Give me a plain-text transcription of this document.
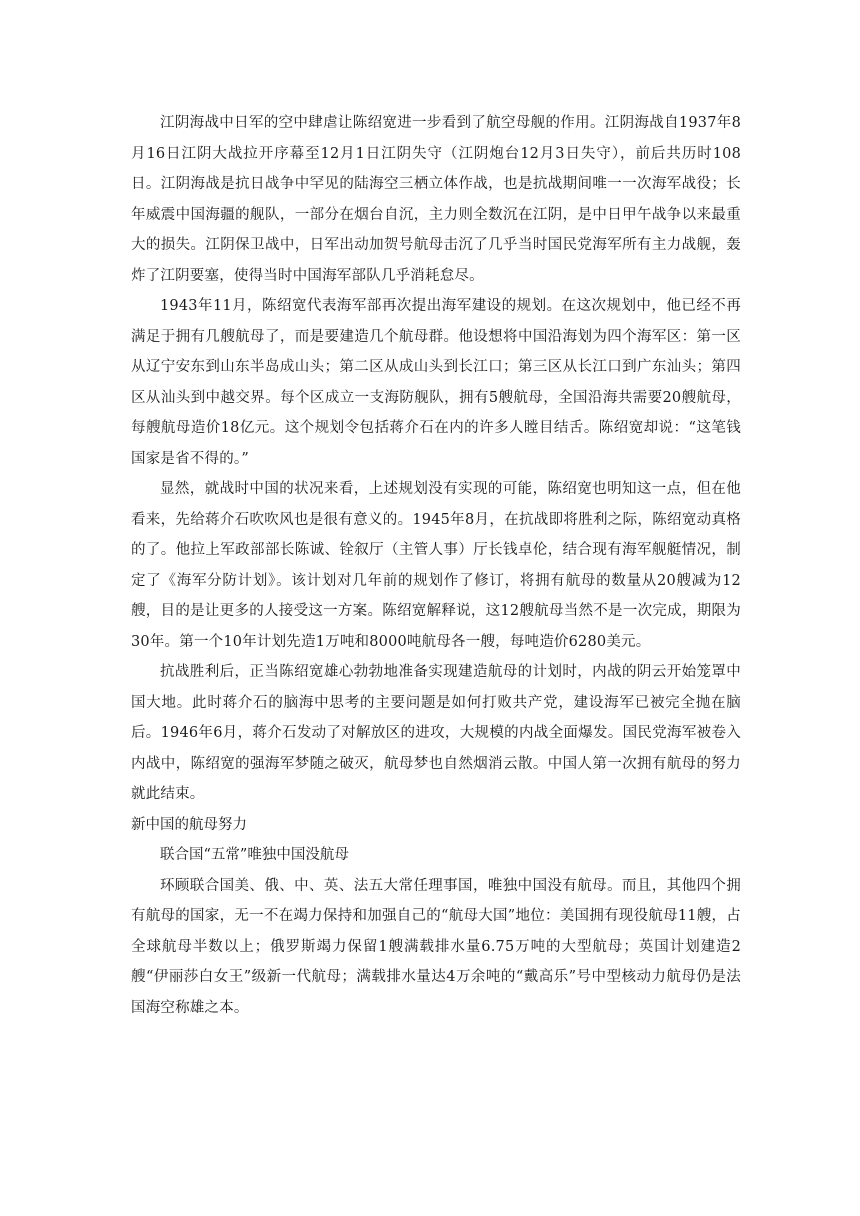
江阴海战中日军的空中肆虐让陈绍宽进一步看到了航空母舰的作用。江阴海战自1937年8月16日江阴大战拉开序幕至12月1日江阴失守（江阴炮台12月3日失守），前后共历时108日。江阴海战是抗日战争中罕见的陆海空三栖立体作战，也是抗战期间唯一一次海军战役；长年威震中国海疆的舰队，一部分在烟台自沉，主力则全数沉在江阴，是中日甲午战争以来最重大的损失。江阴保卫战中，日军出动加贺号航母击沉了几乎当时国民党海军所有主力战舰，轰炸了江阴要塞，使得当时中国海军部队几乎消耗怠尽。

1943年11月，陈绍宽代表海军部再次提出海军建设的规划。在这次规划中，他已经不再满足于拥有几艘航母了，而是要建造几个航母群。他设想将中国沿海划为四个海军区：第一区从辽宁安东到山东半岛成山头；第二区从成山头到长江口；第三区从长江口到广东汕头；第四区从汕头到中越交界。每个区成立一支海防舰队，拥有5艘航母，全国沿海共需要20艘航母，每艘航母造价18亿元。这个规划令包括蒋介石在内的许多人瞠目结舌。陈绍宽却说：“这笔钱国家是省不得的。”

显然，就战时中国的状况来看，上述规划没有实现的可能，陈绍宽也明知这一点，但在他看来，先给蒋介石吹吹风也是很有意义的。1945年8月，在抗战即将胜利之际，陈绍宽动真格的了。他拉上军政部部长陈诚、铨叙厅（主管人事）厅长钱卓伦，结合现有海军舰艇情况，制定了《海军分防计划》。该计划对几年前的规划作了修订，将拥有航母的数量从20艘减为12艘，目的是让更多的人接受这一方案。陈绍宽解释说，这12艘航母当然不是一次完成，期限为30年。第一个10年计划先造1万吨和8000吨航母各一艘，每吨造价6280美元。

抗战胜利后，正当陈绍宽雄心勃勃地准备实现建造航母的计划时，内战的阴云开始笼罩中国大地。此时蒋介石的脑海中思考的主要问题是如何打败共产党，建设海军已被完全抛在脑后。1946年6月，蒋介石发动了对解放区的进攻，大规模的内战全面爆发。国民党海军被卷入内战中，陈绍宽的强海军梦随之破灭，航母梦也自然烟消云散。中国人第一次拥有航母的努力就此结束。

新中国的航母努力

联合国“五常”唯独中国没航母

环顾联合国美、俄、中、英、法五大常任理事国，唯独中国没有航母。而且，其他四个拥有航母的国家，无一不在竭力保持和加强自己的“航母大国”地位：美国拥有现役航母11艘，占全球航母半数以上；俄罗斯竭力保留1艘满载排水量6.75万吨的大型航母；英国计划建造2艘“伊丽莎白女王”级新一代航母；满载排水量达4万余吨的“戴高乐”号中型核动力航母仍是法国海空称雄之本。
